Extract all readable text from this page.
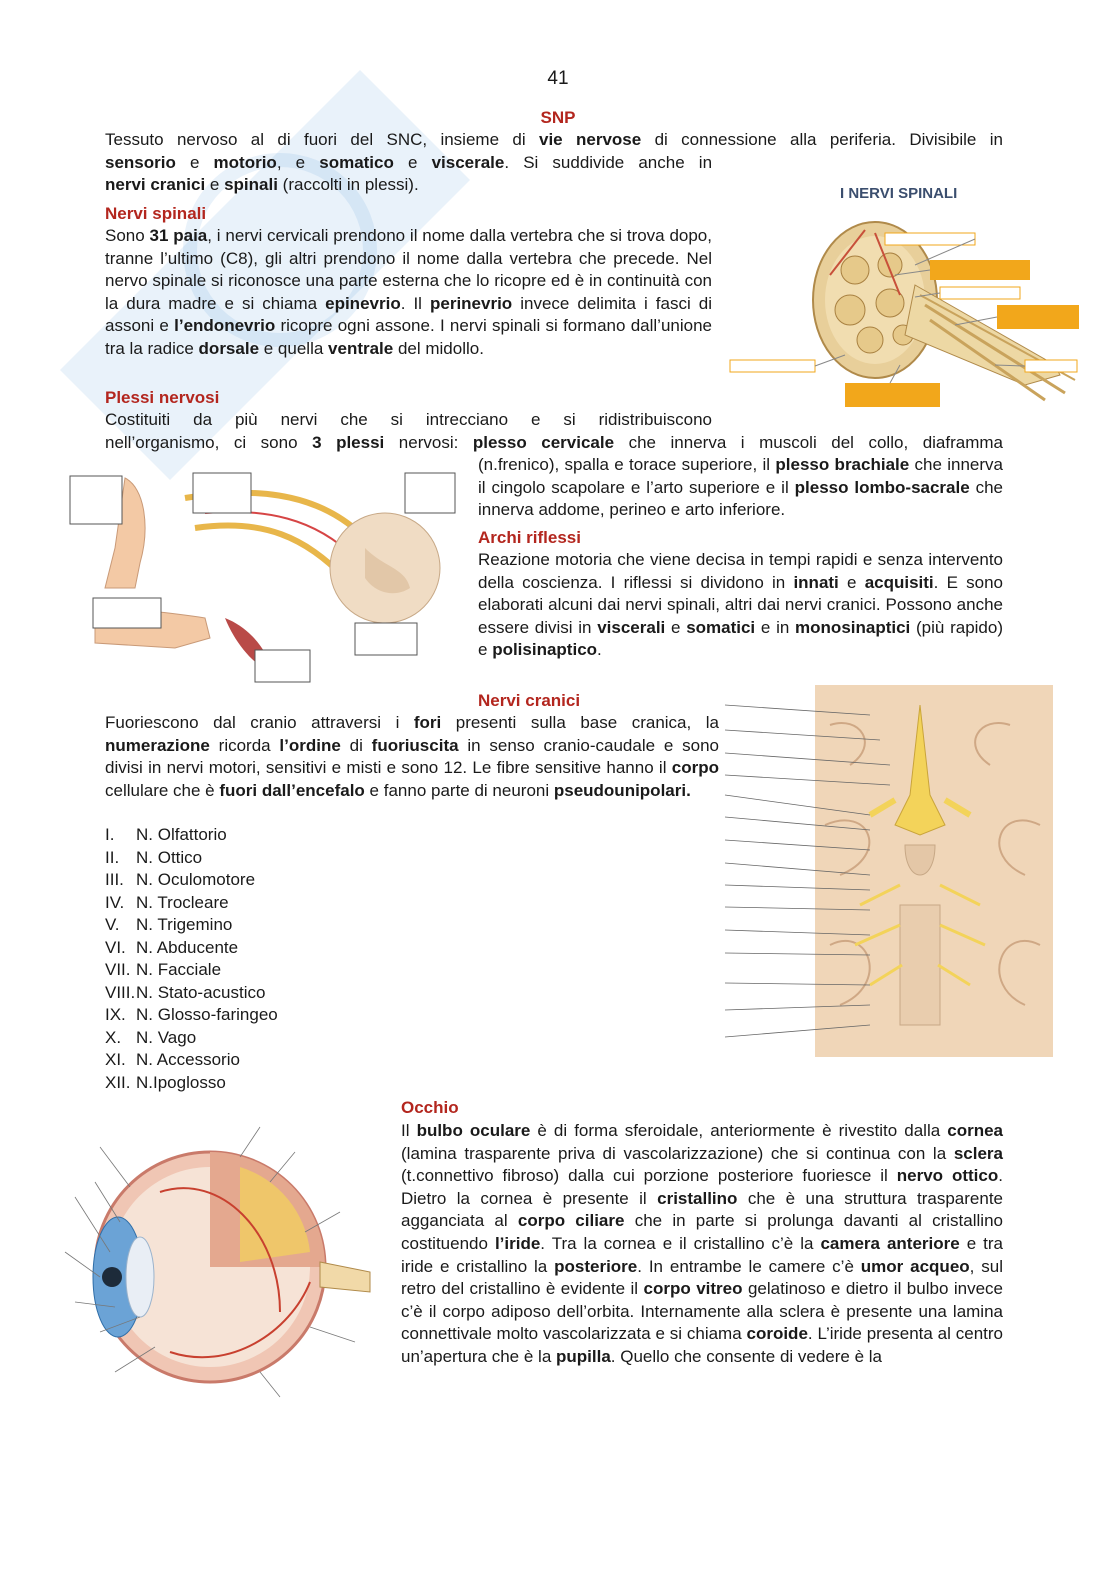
41
SNP
Tessuto nervoso al di fuori del SNC, insieme di vie nervose di connessione alla periferia. Divisibile in
sensorio e motorio, e somatico e viscerale. Si suddivide anche in
nervi cranici e spinali (raccolti in plessi).
Nervi spinali
Sono 31 paia, i nervi cervicali prendono il nome dalla vertebra che si trova dopo, tranne l’ultimo (C8), gli altri prendono il nome dalla vertebra che precede. Nel nervo spinale si riconosce una parte esterna che lo ricopre ed è in continuità con la dura madre e si chiama epinevrio. Il perinevrio invece delimita i fasci di assoni e l’endonevrio ricopre ogni assone. I nervi spinali si formano dall’unione tra la radice dorsale e quella ventrale del midollo.
I NERVI SPINALI
Plessi nervosi
Costituiti da più nervi che si intrecciano e si ridistribuiscono
nell’organismo, ci sono 3 plessi nervosi: plesso cervicale che innerva i muscoli del collo, diaframma
(n.frenico), spalla e torace superiore, il plesso brachiale che innerva il cingolo scapolare e l’arto superiore e il plesso lombo-sacrale che innerva addome, perineo e arto inferiore.
Archi riflessi
Reazione motoria che viene decisa in tempi rapidi e senza intervento della coscienza. I riflessi si dividono in innati e acquisiti. E sono elaborati alcuni dai nervi spinali, altri dai nervi cranici. Possono anche essere divisi in viscerali e somatici e in monosinaptici (più rapido) e polisinaptico.
Nervi cranici
Fuoriescono dal cranio attraversi i fori presenti sulla base cranica, la numerazione ricorda l’ordine di fuoriuscita in senso cranio-caudale e sono divisi in nervi motori, sensitivi e misti e sono 12. Le fibre sensitive hanno il corpo cellulare che è fuori dall’encefalo e fanno parte di neuroni pseudounipolari.
I. N. Olfattorio
II. N. Ottico
III. N. Oculomotore
IV. N. Trocleare
V. N. Trigemino
VI. N. Abducente
VII. N. Facciale
VIII.N. Stato-acustico
IX. N. Glosso-faringeo
X. N. Vago
XI. N. Accessorio
XII. N.Ipoglosso
Occhio
Il bulbo oculare è di forma sferoidale, anteriormente è rivestito dalla cornea (lamina trasparente priva di vascolarizzazione) che si continua con la sclera (t.connettivo fibroso) dalla cui porzione posteriore fuoriesce il nervo ottico. Dietro la cornea è presente il cristallino che è una struttura trasparente agganciata al corpo ciliare che in parte si prolunga davanti al cristallino costituendo l’iride. Tra la cornea e il cristallino c’è la camera anteriore e tra iride e cristallino la posteriore. In entrambe le camere c’è umor acqueo, sul retro del cristallino è evidente il corpo vitreo gelatinoso e dietro il bulbo invece c’è il corpo adiposo dell’orbita. Internamente alla sclera è presente una lamina connettivale molto vascolarizzata e si chiama coroide. L’iride presenta al centro un’apertura che è la pupilla. Quello che consente di vedere è la
